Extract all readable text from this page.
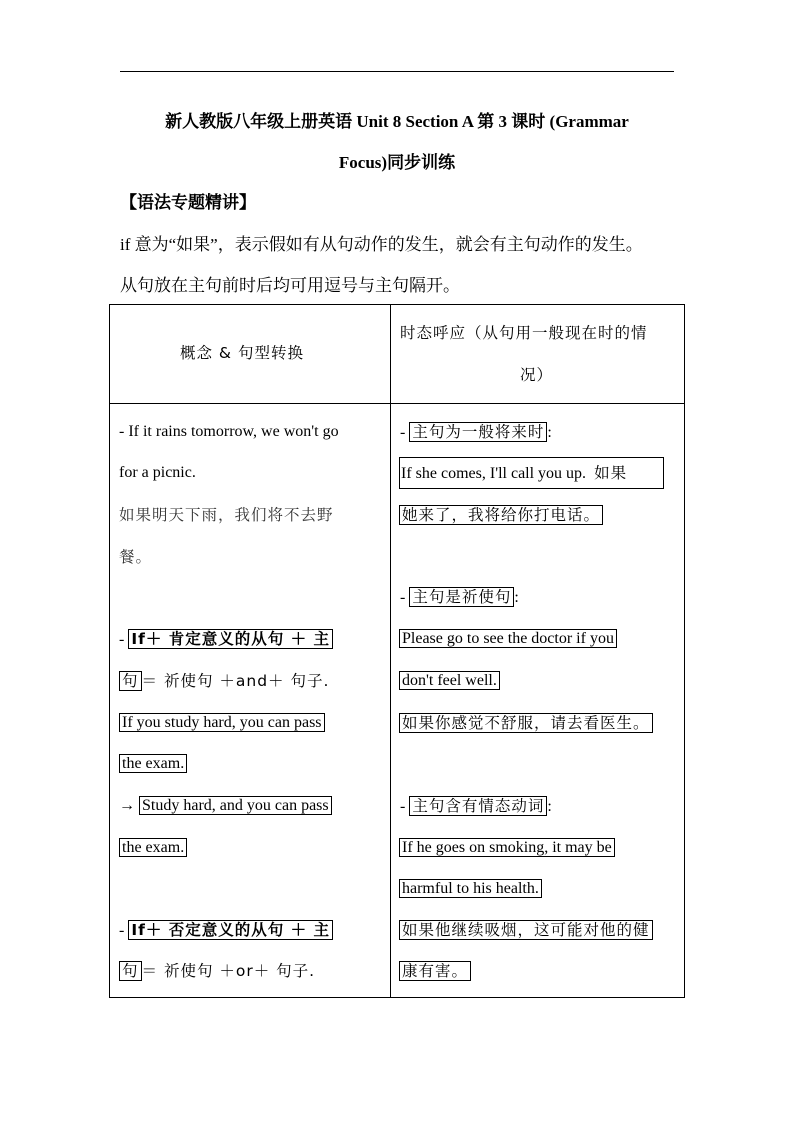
新人教版八年级上册英语 Unit 8 Section A 第 3 课时 (Grammar
Focus)同步训练
【语法专题精讲】
if 意为“如果”，表示假如有从句动作的发生，就会有主句动作的发生。
从句放在主句前时后均可用逗号与主句隔开。
概念 & 句型转换
时态呼应（从句用一般现在时的情
况）
- If it rains tomorrow, we won't go
for a picnic.
如果明天下雨，我们将不去野
餐。
- If＋ 肯定意义的从句 ＋ 主
句 ＝ 祈使句 ＋and＋ 句子.
If you study hard, you can pass
the exam.
→ Study hard, and you can pass
the exam.
- If＋ 否定意义的从句 ＋ 主
句 ＝ 祈使句 ＋or＋ 句子.
- 主句为一般将来时 :
If she comes, I'll call you up. 如果
她来了，我将给你打电话。
- 主句是祈使句 :
Please go to see the doctor if you
don't feel well.
如果你感觉不舒服，请去看医生。
- 主句含有情态动词 :
If he goes on smoking, it may be
harmful to his health.
如果他继续吸烟，这可能对他的健
康有害。
